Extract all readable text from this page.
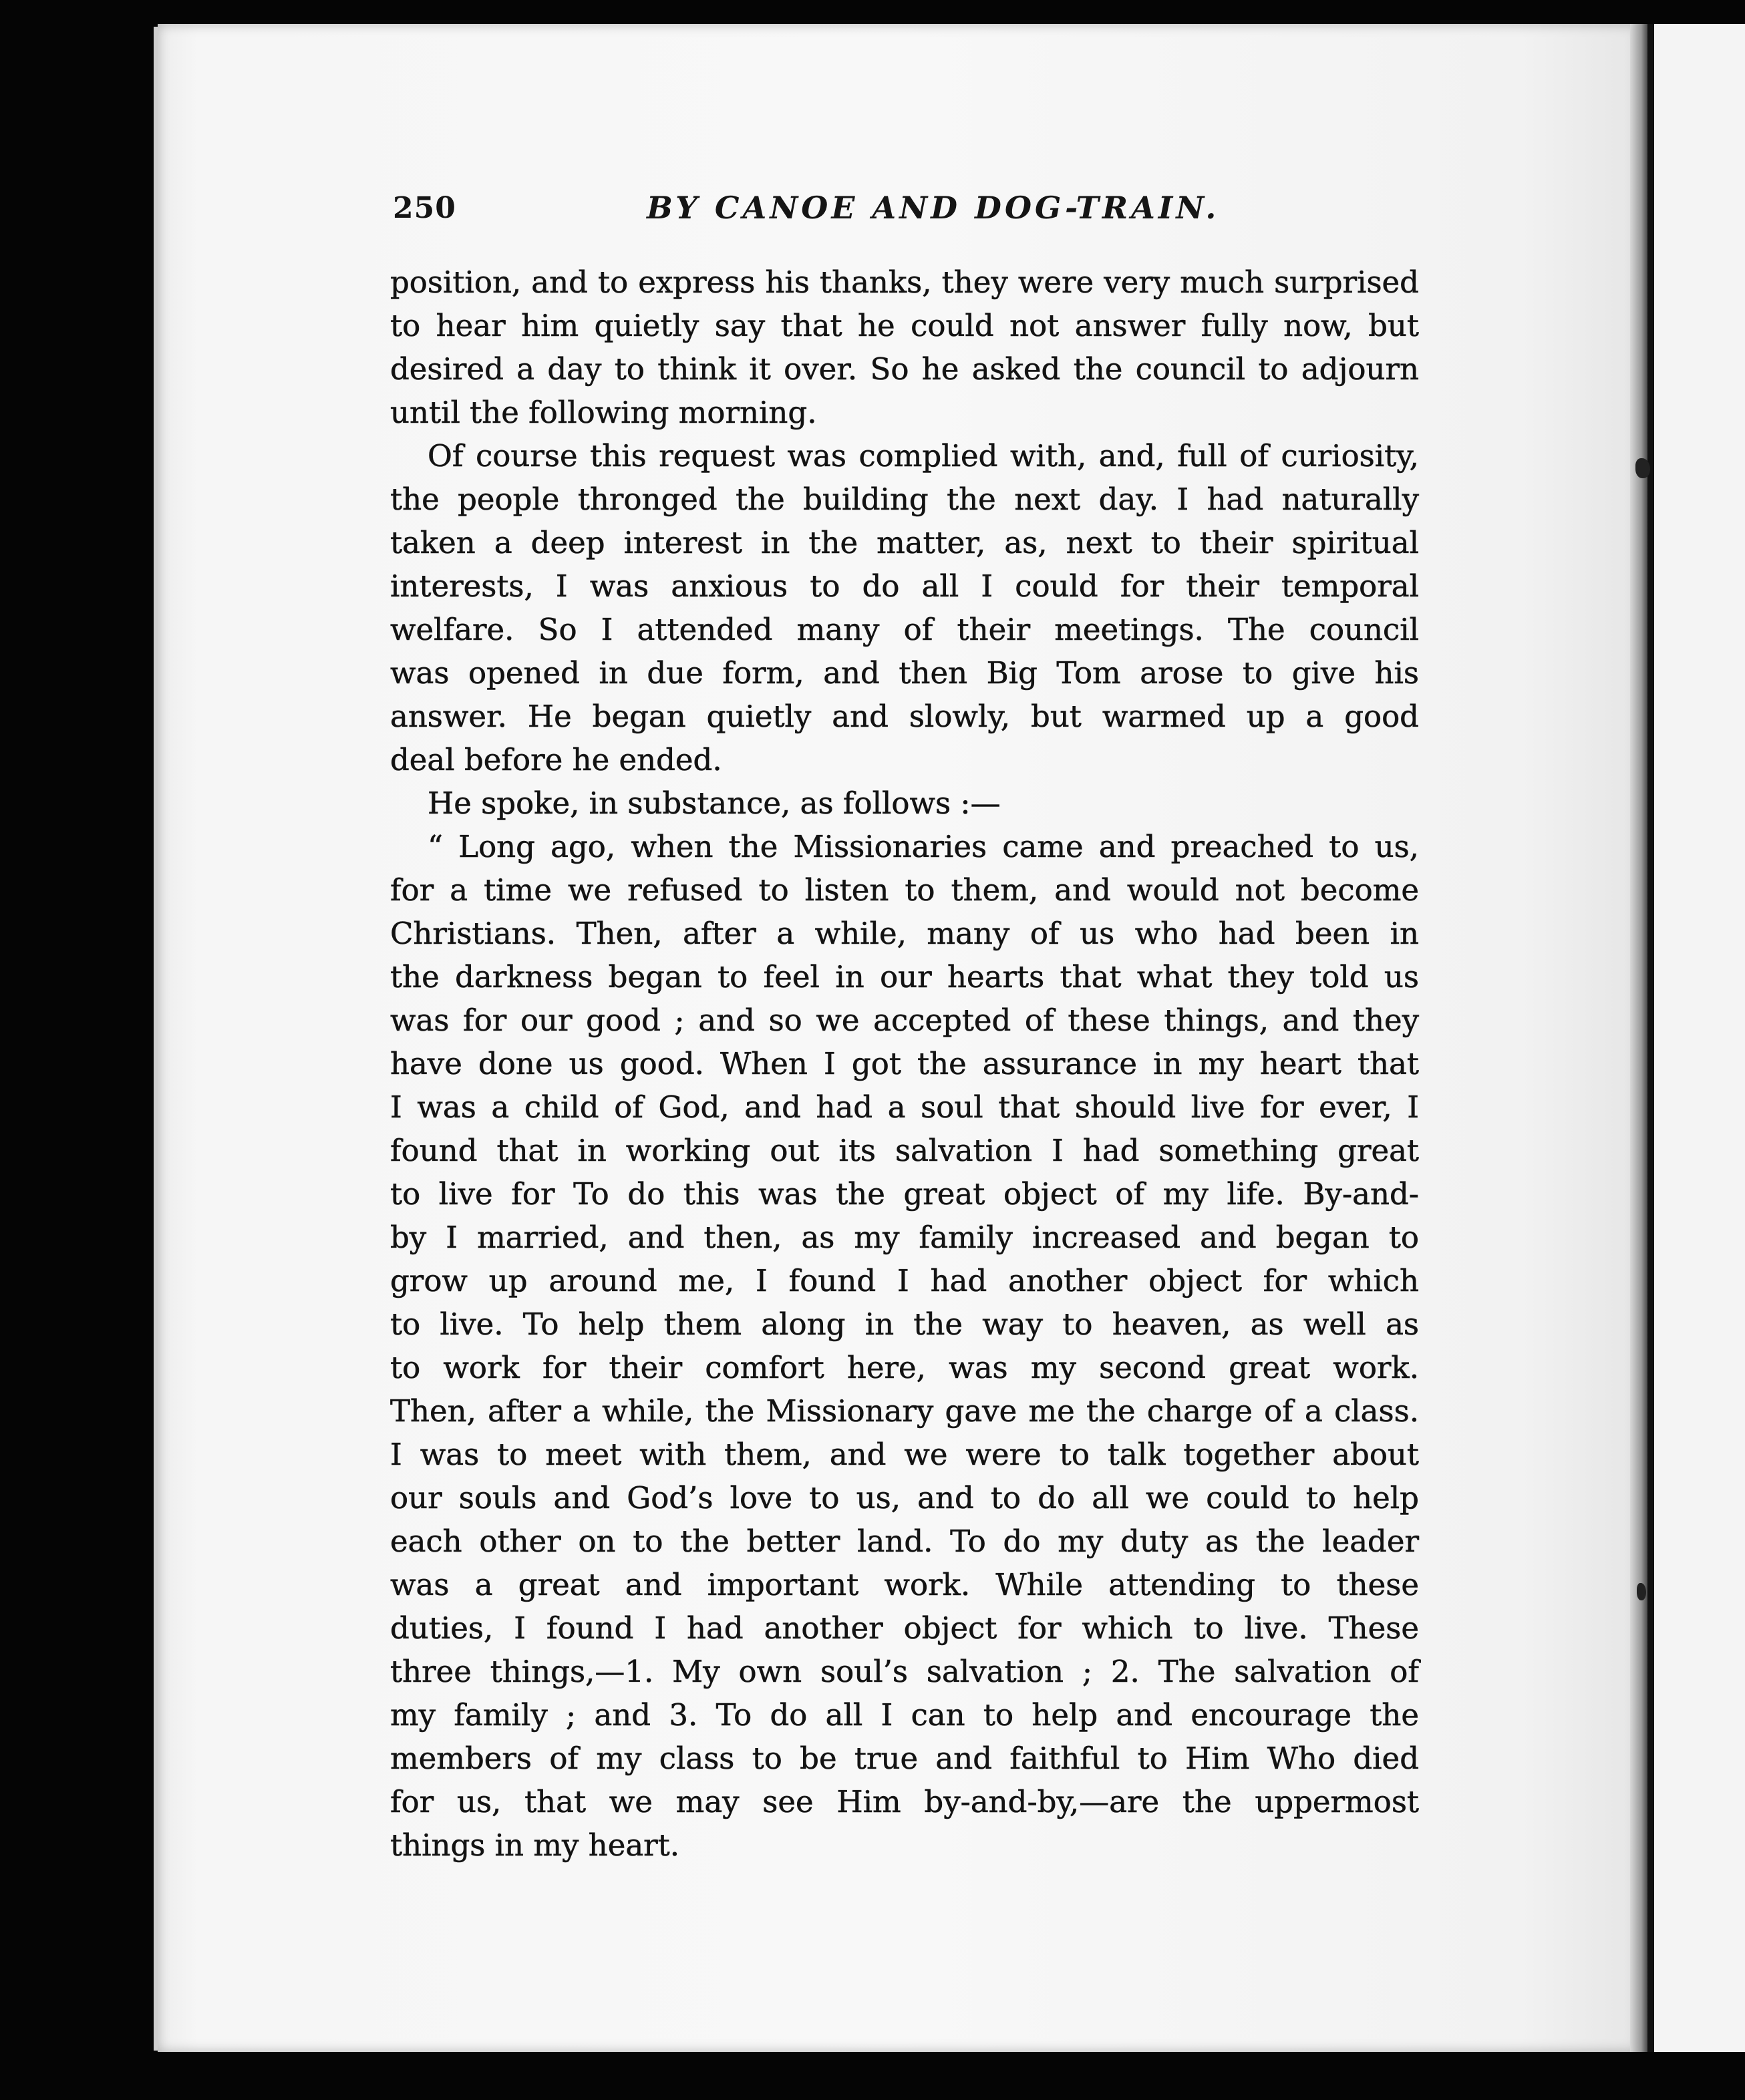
250	BY CANOE AND DOG-TRAIN.
position, and to express his thanks, they were very much surprised
to hear him quietly say that he could not answer fully now, but
desired a day to think it over. So he asked the council to adjourn
until the following morning.
Of course this request was complied with, and, full of curiosity,
the people thronged the building the next day. I had naturally
taken a deep interest in the matter, as, next to their spiritual
interests, I was anxious to do all I could for their temporal
welfare. So I attended many of their meetings. The council
was opened in due form, and then Big Tom arose to give his
answer. He began quietly and slowly, but warmed up a good
deal before he ended.
He spoke, in substance, as follows :—
“ Long ago, when the Missionaries came and preached to us,
for a time we refused to listen to them, and would not become
Christians. Then, after a while, many of us who had been in
the darkness began to feel in our hearts that what they told us
was for our good ; and so we accepted of these things, and they
have done us good. When I got the assurance in my heart that
I was a child of God, and had a soul that should live for ever, I
found that in working out its salvation I had something great
to live for To do this was the great object of my life. By-and-
by I married, and then, as my family increased and began to
grow up around me, I found I had another object for which
to live. To help them along in the way to heaven, as well as
to work for their comfort here, was my second great work.
Then, after a while, the Missionary gave me the charge of a class.
I was to meet with them, and we were to talk together about
our souls and God’s love to us, and to do all we could to help
each other on to the better land. To do my duty as the leader
was a great and important work. While attending to these
duties, I found I had another object for which to live. These
three things,—1. My own soul’s salvation ; 2. The salvation of
my family ; and 3. To do all I can to help and encourage the
members of my class to be true and faithful to Him Who died
for us, that we may see Him by-and-by,—are the uppermost
things in my heart.
